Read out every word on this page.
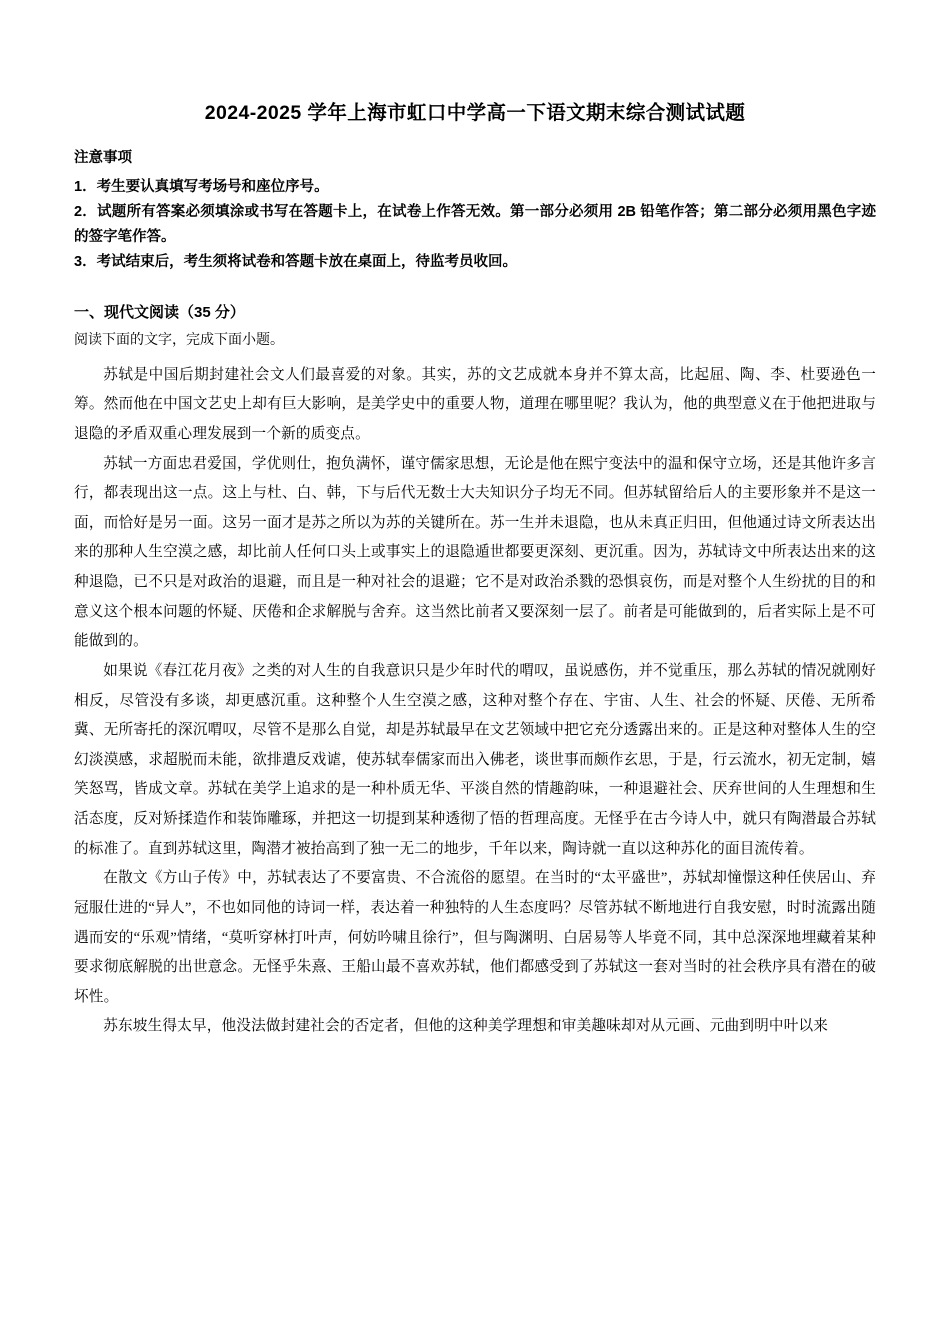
2024-2025 学年上海市虹口中学高一下语文期末综合测试试题

注意事项

1．考生要认真填写考场号和座位序号。

2．试题所有答案必须填涂或书写在答题卡上，在试卷上作答无效。第一部分必须用 2B 铅笔作答；第二部分必须用黑色字迹的签字笔作答。

3．考试结束后，考生须将试卷和答题卡放在桌面上，待监考员收回。

一、现代文阅读（35 分）

阅读下面的文字，完成下面小题。

苏轼是中国后期封建社会文人们最喜爱的对象。其实，苏的文艺成就本身并不算太高，比起屈、陶、李、杜要逊色一筹。然而他在中国文艺史上却有巨大影响，是美学史中的重要人物，道理在哪里呢？我认为，他的典型意义在于他把进取与退隐的矛盾双重心理发展到一个新的质变点。

苏轼一方面忠君爱国，学优则仕，抱负满怀，谨守儒家思想，无论是他在熙宁变法中的温和保守立场，还是其他许多言行，都表现出这一点。这上与杜、白、韩，下与后代无数士大夫知识分子均无不同。但苏轼留给后人的主要形象并不是这一面，而恰好是另一面。这另一面才是苏之所以为苏的关键所在。苏一生并未退隐，也从未真正归田，但他通过诗文所表达出来的那种人生空漠之感，却比前人任何口头上或事实上的退隐遁世都要更深刻、更沉重。因为，苏轼诗文中所表达出来的这种退隐，已不只是对政治的退避，而且是一种对社会的退避；它不是对政治杀戮的恐惧哀伤，而是对整个人生纷扰的目的和意义这个根本问题的怀疑、厌倦和企求解脱与舍弃。这当然比前者又要深刻一层了。前者是可能做到的，后者实际上是不可能做到的。

如果说《春江花月夜》之类的对人生的自我意识只是少年时代的喟叹，虽说感伤，并不觉重压，那么苏轼的情况就刚好相反，尽管没有多谈，却更感沉重。这种整个人生空漠之感，这种对整个存在、宇宙、人生、社会的怀疑、厌倦、无所希冀、无所寄托的深沉喟叹，尽管不是那么自觉，却是苏轼最早在文艺领域中把它充分透露出来的。正是这种对整体人生的空幻淡漠感，求超脱而未能，欲排遣反戏谑，使苏轼奉儒家而出入佛老，谈世事而颇作玄思，于是，行云流水，初无定制，嬉笑怒骂，皆成文章。苏轼在美学上追求的是一种朴质无华、平淡自然的情趣韵味，一种退避社会、厌弃世间的人生理想和生活态度，反对矫揉造作和装饰雕琢，并把这一切提到某种透彻了悟的哲理高度。无怪乎在古今诗人中，就只有陶潜最合苏轼的标准了。直到苏轼这里，陶潜才被抬高到了独一无二的地步，千年以来，陶诗就一直以这种苏化的面目流传着。

在散文《方山子传》中，苏轼表达了不要富贵、不合流俗的愿望。在当时的“太平盛世”，苏轼却憧憬这种任侠居山、弃冠服仕进的“异人”，不也如同他的诗词一样，表达着一种独特的人生态度吗？尽管苏轼不断地进行自我安慰，时时流露出随遇而安的“乐观”情绪，“莫听穿林打叶声，何妨吟啸且徐行”，但与陶渊明、白居易等人毕竟不同，其中总深深地埋藏着某种要求彻底解脱的出世意念。无怪乎朱熹、王船山最不喜欢苏轼，他们都感受到了苏轼这一套对当时的社会秩序具有潜在的破坏性。

苏东坡生得太早，他没法做封建社会的否定者，但他的这种美学理想和审美趣味却对从元画、元曲到明中叶以来
